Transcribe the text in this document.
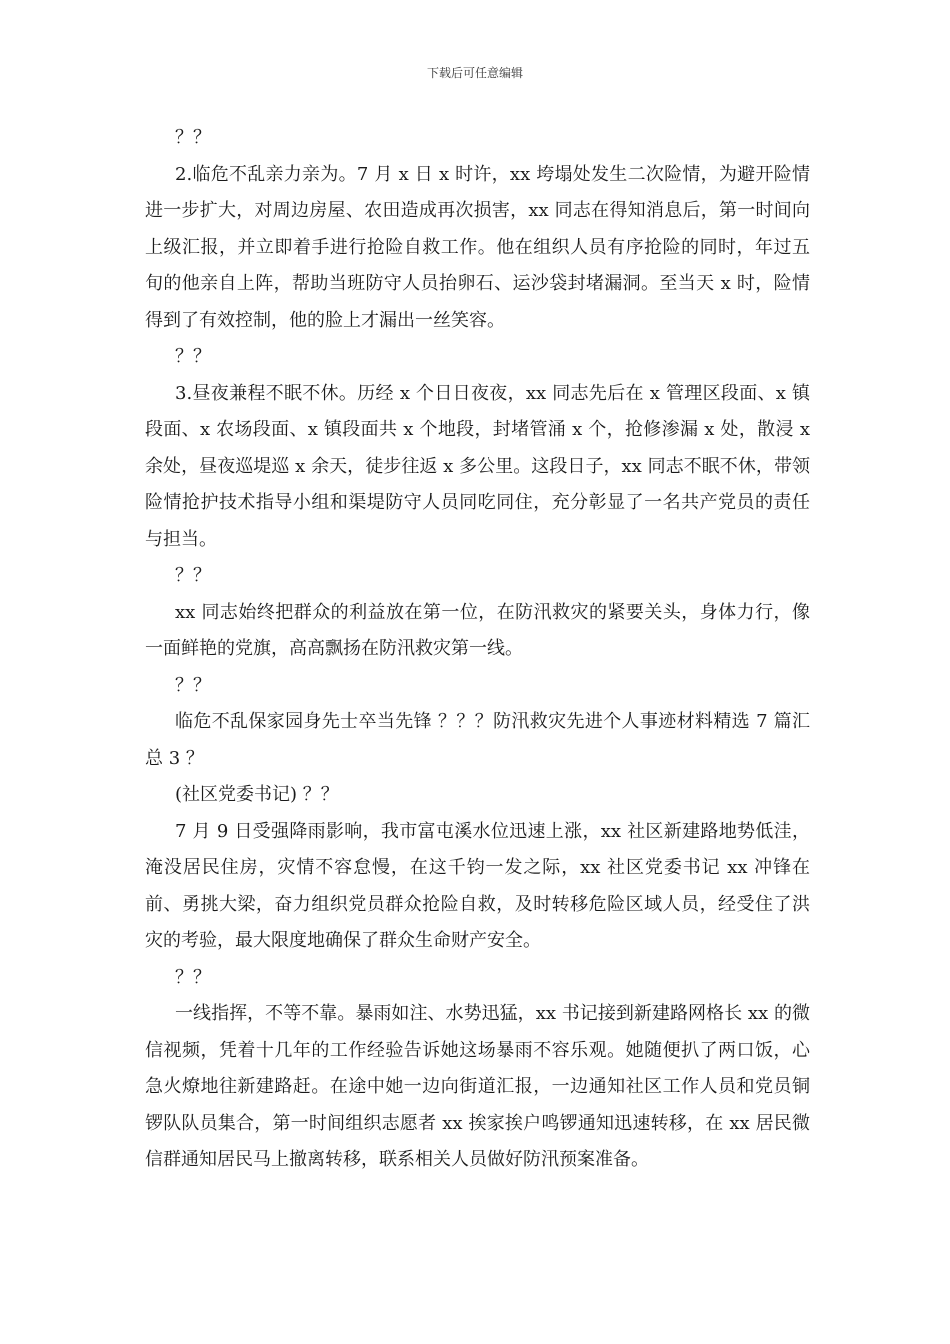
下载后可任意编辑

？？

2.临危不乱亲力亲为。7 月 x 日 x 时许，xx 垮塌处发生二次险情，为避开险情进一步扩大，对周边房屋、农田造成再次损害，xx 同志在得知消息后，第一时间向上级汇报，并立即着手进行抢险自救工作。他在组织人员有序抢险的同时，年过五旬的他亲自上阵，帮助当班防守人员抬卵石、运沙袋封堵漏洞。至当天 x 时，险情得到了有效控制，他的脸上才漏出一丝笑容。

？？

3.昼夜兼程不眠不休。历经 x 个日日夜夜，xx 同志先后在 x 管理区段面、x 镇段面、x 农场段面、x 镇段面共 x 个地段，封堵管涌 x 个，抢修渗漏 x 处，散浸 x 余处，昼夜巡堤巡 x 余天，徒步往返 x 多公里。这段日子，xx 同志不眠不休，带领险情抢护技术指导小组和渠堤防守人员同吃同住，充分彰显了一名共产党员的责任与担当。

？？

xx 同志始终把群众的利益放在第一位，在防汛救灾的紧要关头，身体力行，像一面鲜艳的党旗，高高飘扬在防汛救灾第一线。

？？

临危不乱保家园身先士卒当先锋 ？？？防汛救灾先进个人事迹材料精选 7 篇汇总 3 ？

(社区党委书记) ？？

7 月 9 日受强降雨影响，我市富屯溪水位迅速上涨，xx 社区新建路地势低洼，淹没居民住房，灾情不容怠慢，在这千钧一发之际，xx 社区党委书记 xx 冲锋在前、勇挑大梁，奋力组织党员群众抢险自救，及时转移危险区域人员，经受住了洪灾的考验，最大限度地确保了群众生命财产安全。

？？

一线指挥，不等不靠。暴雨如注、水势迅猛，xx 书记接到新建路网格长 xx 的微信视频，凭着十几年的工作经验告诉她这场暴雨不容乐观。她随便扒了两口饭，心急火燎地往新建路赶。在途中她一边向街道汇报，一边通知社区工作人员和党员铜锣队队员集合，第一时间组织志愿者 xx 挨家挨户鸣锣通知迅速转移，在 xx 居民微信群通知居民马上撤离转移，联系相关人员做好防汛预案准备。
